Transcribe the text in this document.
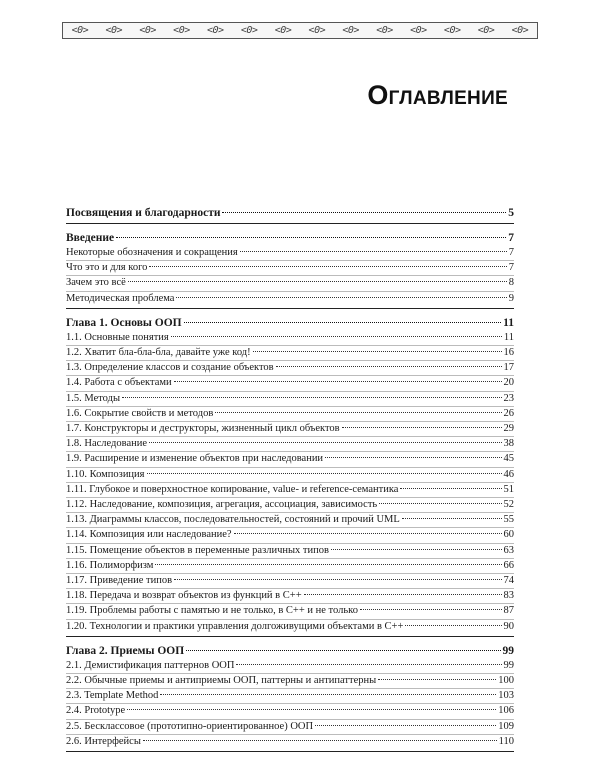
<0> <0> <0> <0> <0> <0> <0> <0> <0> <0> <0> <0> <0> <0>
Оглавление
Посвящения и благодарности	5
Введение	7
Некоторые обозначения и сокращения	7
Что это и для кого	7
Зачем это всё	8
Методическая проблема	9
Глава 1. Основы ООП	11
1.1. Основные понятия	11
1.2. Хватит бла-бла-бла, давайте уже код!	16
1.3. Определение классов и создание объектов	17
1.4. Работа с объектами	20
1.5. Методы	23
1.6. Сокрытие свойств и методов	26
1.7. Конструкторы и деструкторы, жизненный цикл объектов	29
1.8. Наследование	38
1.9. Расширение и изменение объектов при наследовании	45
1.10. Композиция	46
1.11. Глубокое и поверхностное копирование, value- и reference-семантика	51
1.12. Наследование, композиция, агрегация, ассоциация, зависимость	52
1.13. Диаграммы классов, последовательностей, состояний и прочий UML	55
1.14. Композиция или наследование?	60
1.15. Помещение объектов в переменные различных типов	63
1.16. Полиморфизм	66
1.17. Приведение типов	74
1.18. Передача и возврат объектов из функций в C++	83
1.19. Проблемы работы с памятью и не только, в C++ и не только	87
1.20. Технологии и практики управления долгоживущими объектами в C++	90
Глава 2. Приемы ООП	99
2.1. Демистификация паттернов ООП	99
2.2. Обычные приемы и антиприемы ООП, паттерны и антипаттерны	100
2.3. Template Method	103
2.4. Prototype	106
2.5. Бесклассовое (прототипно-ориентированное) ООП	109
2.6. Интерфейсы	110
